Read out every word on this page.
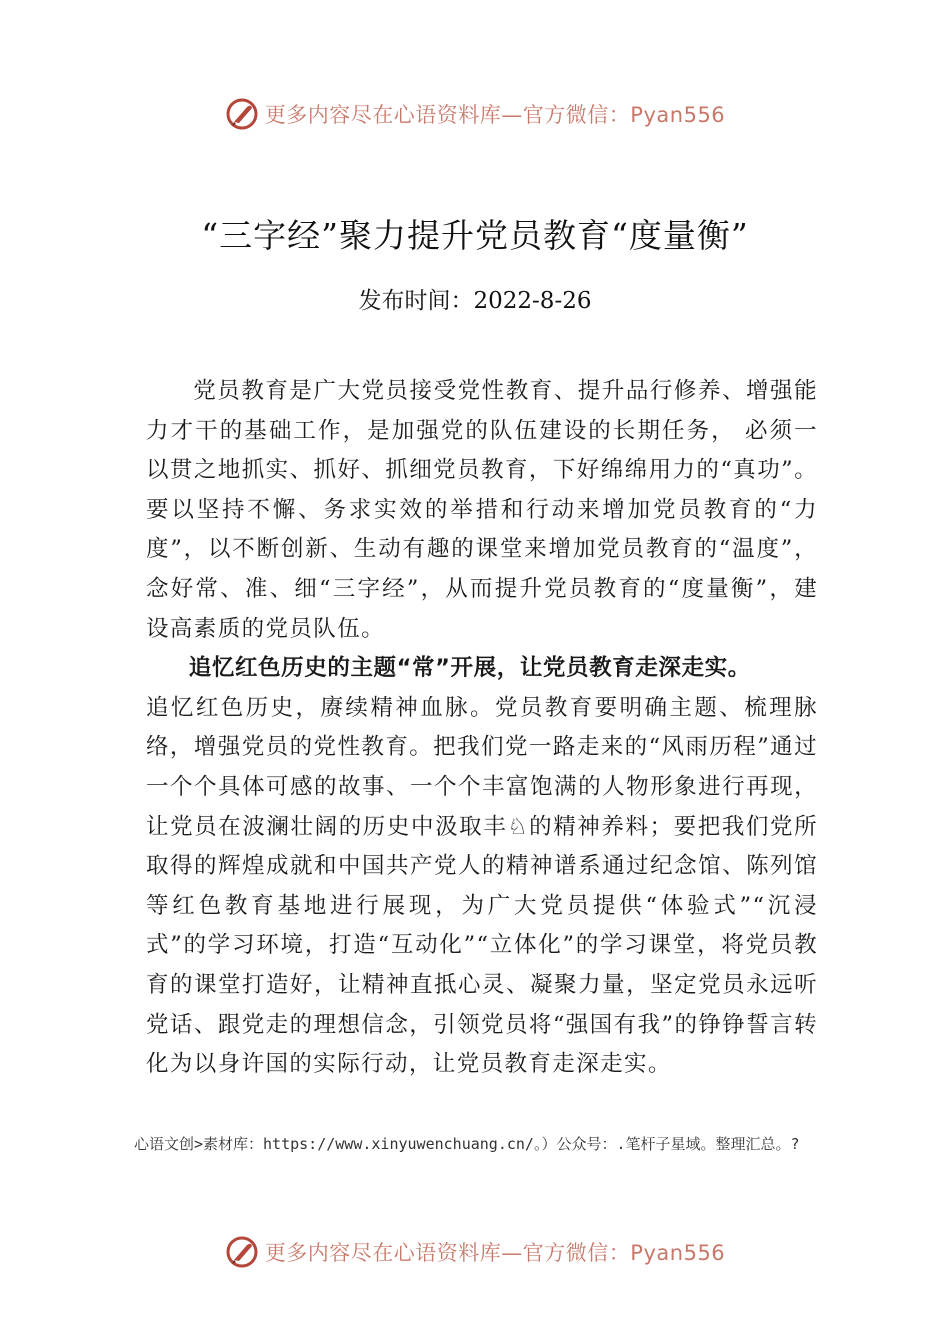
更多内容尽在心语资料库—官方微信：Pyan556
“三字经”聚力提升党员教育“度量衡”
发布时间：2022-8-26

党员教育是广大党员接受党性教育、提升品行修养、增强能力才干的基础工作，是加强党的队伍建设的长期任务， 必须一以贯之地抓实、抓好、抓细党员教育，下好绵绵用力的“真功”。要以坚持不懈、务求实效的举措和行动来增加党员教育的“力度”，以不断创新、生动有趣的课堂来增加党员教育的“温度”，念好常、准、细“三字经”，从而提升党员教育的“度量衡”，建设高素质的党员队伍。

追忆红色历史的主题“常”开展，让党员教育走深走实。

追忆红色历史，赓续精神血脉。党员教育要明确主题、梳理脉络，增强党员的党性教育。把我们党一路走来的“风雨历程”通过一个个具体可感的故事、一个个丰富饱满的人物形象进行再现，让党员在波澜壮阔的历史中汲取丰♘的精神养料；要把我们党所取得的辉煌成就和中国共产党人的精神谱系通过纪念馆、陈列馆等红色教育基地进行展现，为广大党员提供“体验式”“沉浸式”的学习环境，打造“互动化”“立体化”的学习课堂，将党员教育的课堂打造好，让精神直抵心灵、凝聚力量，坚定党员永远听党话、跟党走的理想信念，引领党员将“强国有我”的铮铮誓言转化为以身许国的实际行动，让党员教育走深走实。

心语文创>素材库：https://www.xinyuwenchuang.cn/。）公众号：.笔杆子星域。整理汇总。?
更多内容尽在心语资料库—官方微信：Pyan556
